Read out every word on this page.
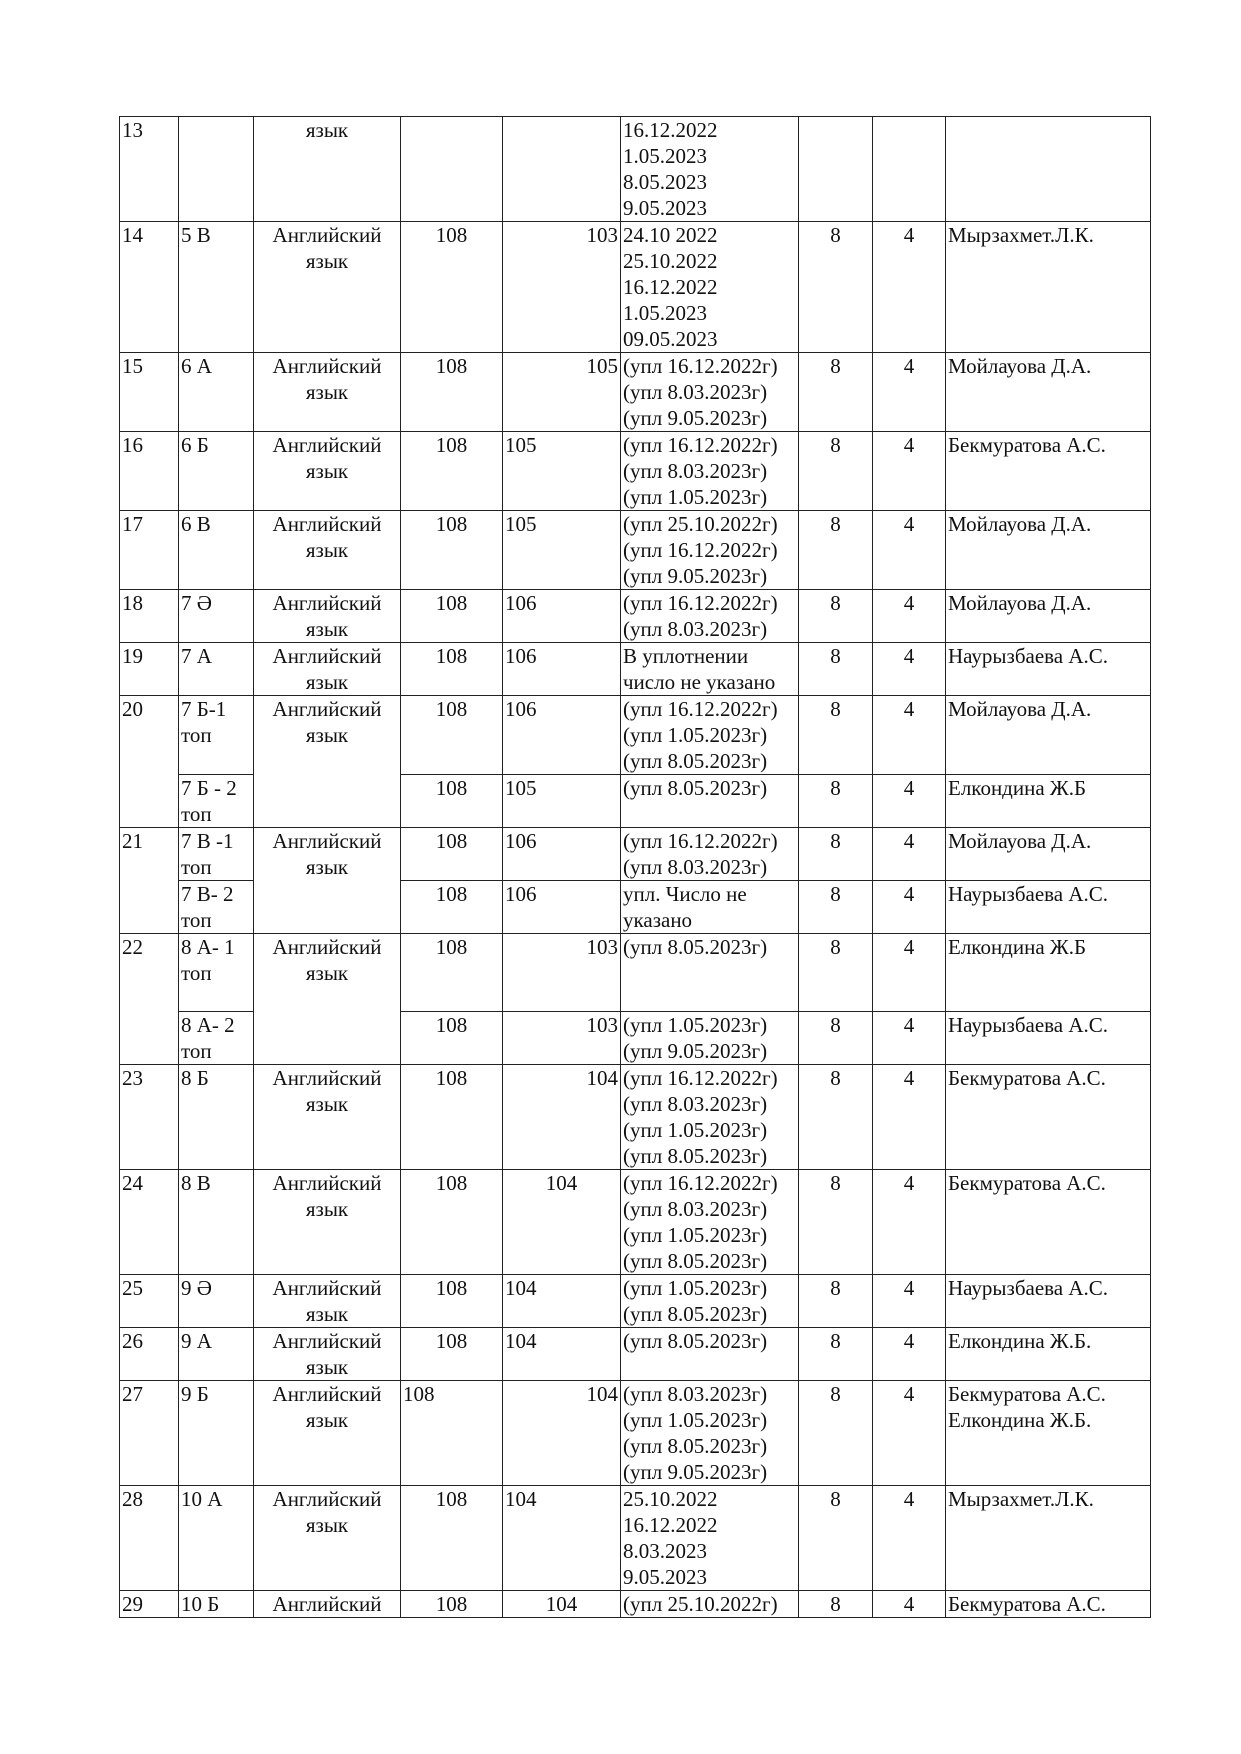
13		язык			16.12.2022
1.05.2023
8.05.2023
9.05.2023			

14	5 В	Английский язык	108	103	24.10 2022
25.10.2022
16.12.2022
1.05.2023
09.05.2023	8	4	Мырзахмет.Л.К.
15	6 А	Английский язык	108	105	(упл 16.12.2022г)
(упл 8.03.2023г)
(упл 9.05.2023г)	8	4	Мойлауова Д.А.
16	6 Б	Английский язык	108	105	(упл 16.12.2022г)
(упл 8.03.2023г)
(упл 1.05.2023г)	8	4	Бекмуратова А.С.
17	6 В	Английский язык	108	105	(упл 25.10.2022г)
(упл 16.12.2022г)
(упл 9.05.2023г)	8	4	Мойлауова Д.А.
18	7 Ә	Английский язык	108	106	(упл 16.12.2022г)
(упл 8.03.2023г)	8	4	Мойлауова Д.А.
19	7 А	Английский язык	108	106	В уплотнении
число не указано	8	4	Наурызбаева А.С.
20	7 Б-1 топ	Английский язык	108	106	(упл 16.12.2022г)
(упл 1.05.2023г)
(упл 8.05.2023г)	8	4	Мойлауова Д.А.
	7 Б - 2 топ		108	105	(упл 8.05.2023г)	8	4	Елкондина Ж.Б
21	7 В -1 топ	Английский язык	108	106	(упл 16.12.2022г)
(упл 8.03.2023г)	8	4	Мойлауова Д.А.
	7 В- 2 топ		108	106	упл. Число не
указано	8	4	Наурызбаева А.С.
22	8 А- 1 топ	Английский язык	108	103	(упл 8.05.2023г)	8	4	Елкондина Ж.Б
	8 А- 2 топ		108	103	(упл 1.05.2023г)
(упл 9.05.2023г)	8	4	Наурызбаева А.С.
23	8 Б	Английский язык	108	104	(упл 16.12.2022г)
(упл 8.03.2023г)
(упл 1.05.2023г)
(упл 8.05.2023г)	8	4	Бекмуратова А.С.
24	8 В	Английский язык	108	104	(упл 16.12.2022г)
(упл 8.03.2023г)
(упл 1.05.2023г)
(упл 8.05.2023г)	8	4	Бекмуратова А.С.
25	9 Ә	Английский язык	108	104	(упл 1.05.2023г)
(упл 8.05.2023г)	8	4	Наурызбаева А.С.
26	9 А	Английский язык	108	104	(упл 8.05.2023г)	8	4	Елкондина Ж.Б.
27	9 Б	Английский язык	108	104	(упл 8.03.2023г)
(упл 1.05.2023г)
(упл 8.05.2023г)
(упл 9.05.2023г)	8	4	Бекмуратова А.С. Елкондина Ж.Б.
28	10 А	Английский язык	108	104	25.10.2022
16.12.2022
8.03.2023
9.05.2023	8	4	Мырзахмет.Л.К.
29	10 Б	Английский	108	104	(упл 25.10.2022г)	8	4	Бекмуратова А.С.
